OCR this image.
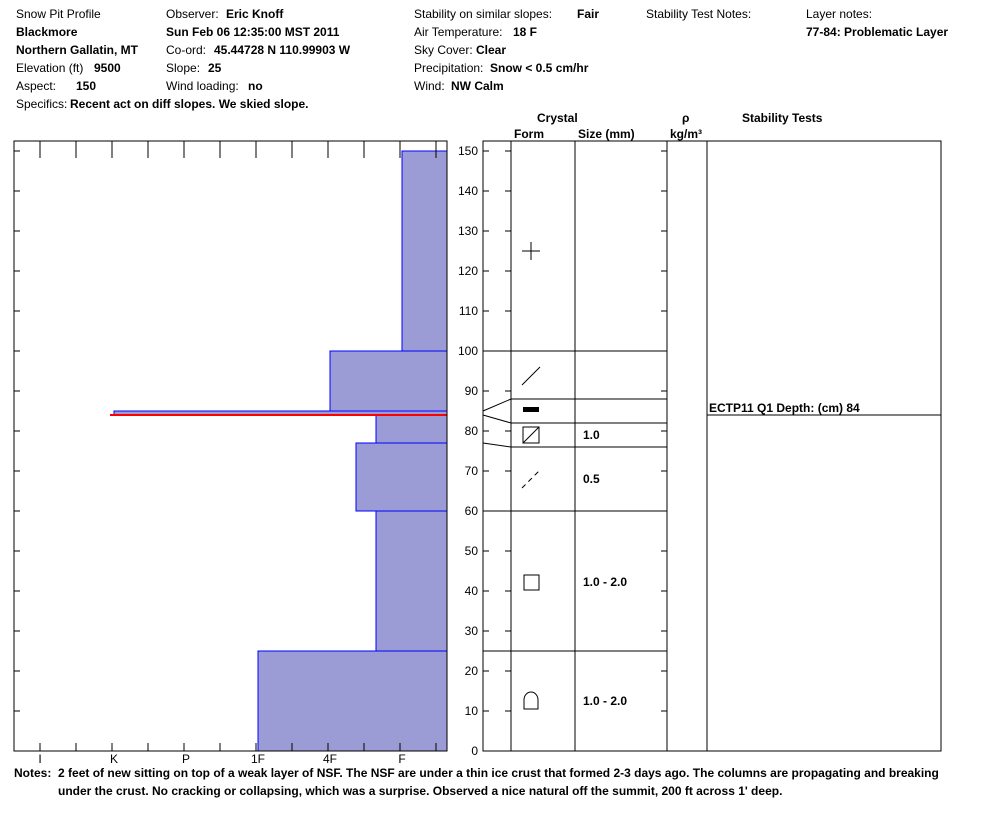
Snow Pit Profile
Blackmore
Northern Gallatin, MT
Elevation (ft) 9500
Aspect: 150
Specifics: Recent act on diff slopes. We skied slope.
Observer: Eric Knoff
Sun Feb 06 12:35:00 MST 2011
Co-ord: 45.44728 N 110.99903 W
Slope: 25
Wind loading: no
Stability on similar slopes: Fair
Air Temperature: 18 F
Sky Cover: Clear
Precipitation: Snow < 0.5 cm/hr
Wind: NW Calm
Stability Test Notes:	Layer notes:
77-84: Problematic Layer
Crystal
Form	Size (mm)
ρ
kg/m³
Stability Tests
I	K	P	1F	4F	F
0
10
20
30
40
50
60
70
80
90
100
110
120
130
140
150
1.0 - 2.0
1.0 - 2.0
0.5
1.0
ECTP11 Q1 Depth: (cm) 84
Notes: 2 feet of new sitting on top of a weak layer of NSF. The NSF are under a thin ice crust that formed 2-3 days ago. The columns are propagating and breaking
under the crust. No cracking or collapsing, which was a surprise. Observed a nice natural off the summit, 200 ft across 1' deep.
